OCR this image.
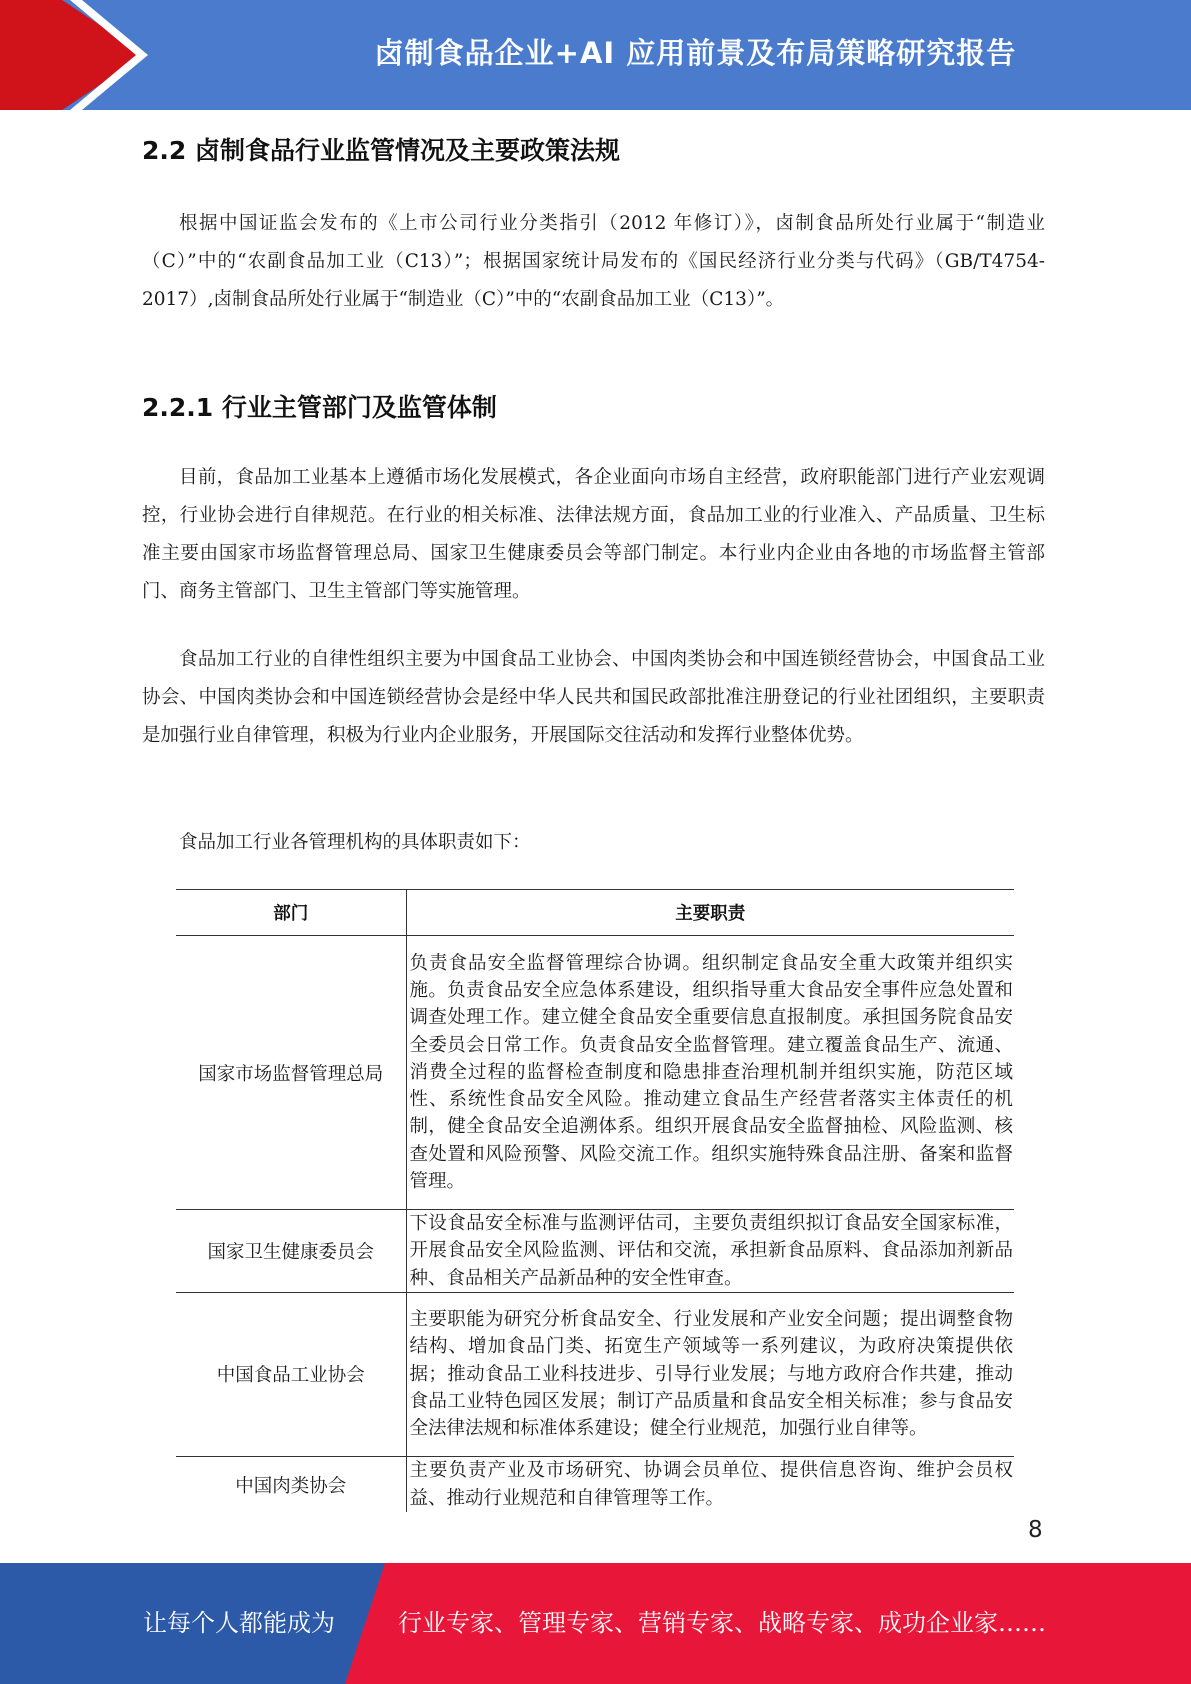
卤制食品企业+AI 应用前景及布局策略研究报告
2.2 卤制食品行业监管情况及主要政策法规
根据中国证监会发布的《上市公司行业分类指引（2012 年修订）》，卤制食品所处行业属于“制造业（C）”中的“农副食品加工业（C13）”；根据国家统计局发布的《国民经济行业分类与代码》（GB/T4754-2017）,卤制食品所处行业属于“制造业（C）”中的“农副食品加工业（C13）”。
2.2.1 行业主管部门及监管体制
目前，食品加工业基本上遵循市场化发展模式，各企业面向市场自主经营，政府职能部门进行产业宏观调控，行业协会进行自律规范。在行业的相关标准、法律法规方面，食品加工业的行业准入、产品质量、卫生标准主要由国家市场监督管理总局、国家卫生健康委员会等部门制定。本行业内企业由各地的市场监督主管部门、商务主管部门、卫生主管部门等实施管理。
食品加工行业的自律性组织主要为中国食品工业协会、中国肉类协会和中国连锁经营协会，中国食品工业协会、中国肉类协会和中国连锁经营协会是经中华人民共和国民政部批准注册登记的行业社团组织，主要职责是加强行业自律管理，积极为行业内企业服务，开展国际交往活动和发挥行业整体优势。
食品加工行业各管理机构的具体职责如下：
部门	主要职责
国家市场监督管理总局	负责食品安全监督管理综合协调。组织制定食品安全重大政策并组织实施。负责食品安全应急体系建设，组织指导重大食品安全事件应急处置和调查处理工作。建立健全食品安全重要信息直报制度。承担国务院食品安全委员会日常工作。负责食品安全监督管理。建立覆盖食品生产、流通、消费全过程的监督检查制度和隐患排查治理机制并组织实施，防范区域性、系统性食品安全风险。推动建立食品生产经营者落实主体责任的机制，健全食品安全追溯体系。组织开展食品安全监督抽检、风险监测、核查处置和风险预警、风险交流工作。组织实施特殊食品注册、备案和监督管理。
国家卫生健康委员会	下设食品安全标准与监测评估司，主要负责组织拟订食品安全国家标准，开展食品安全风险监测、评估和交流，承担新食品原料、食品添加剂新品种、食品相关产品新品种的安全性审查。
中国食品工业协会	主要职能为研究分析食品安全、行业发展和产业安全问题；提出调整食物结构、增加食品门类、拓宽生产领域等一系列建议，为政府决策提供依据；推动食品工业科技进步、引导行业发展；与地方政府合作共建，推动食品工业特色园区发展；制订产品质量和食品安全相关标准；参与食品安全法律法规和标准体系建设；健全行业规范，加强行业自律等。
中国肉类协会	主要负责产业及市场研究、协调会员单位、提供信息咨询、维护会员权益、推动行业规范和自律管理等工作。
8
让每个人都能成为	行业专家、管理专家、营销专家、战略专家、成功企业家……
